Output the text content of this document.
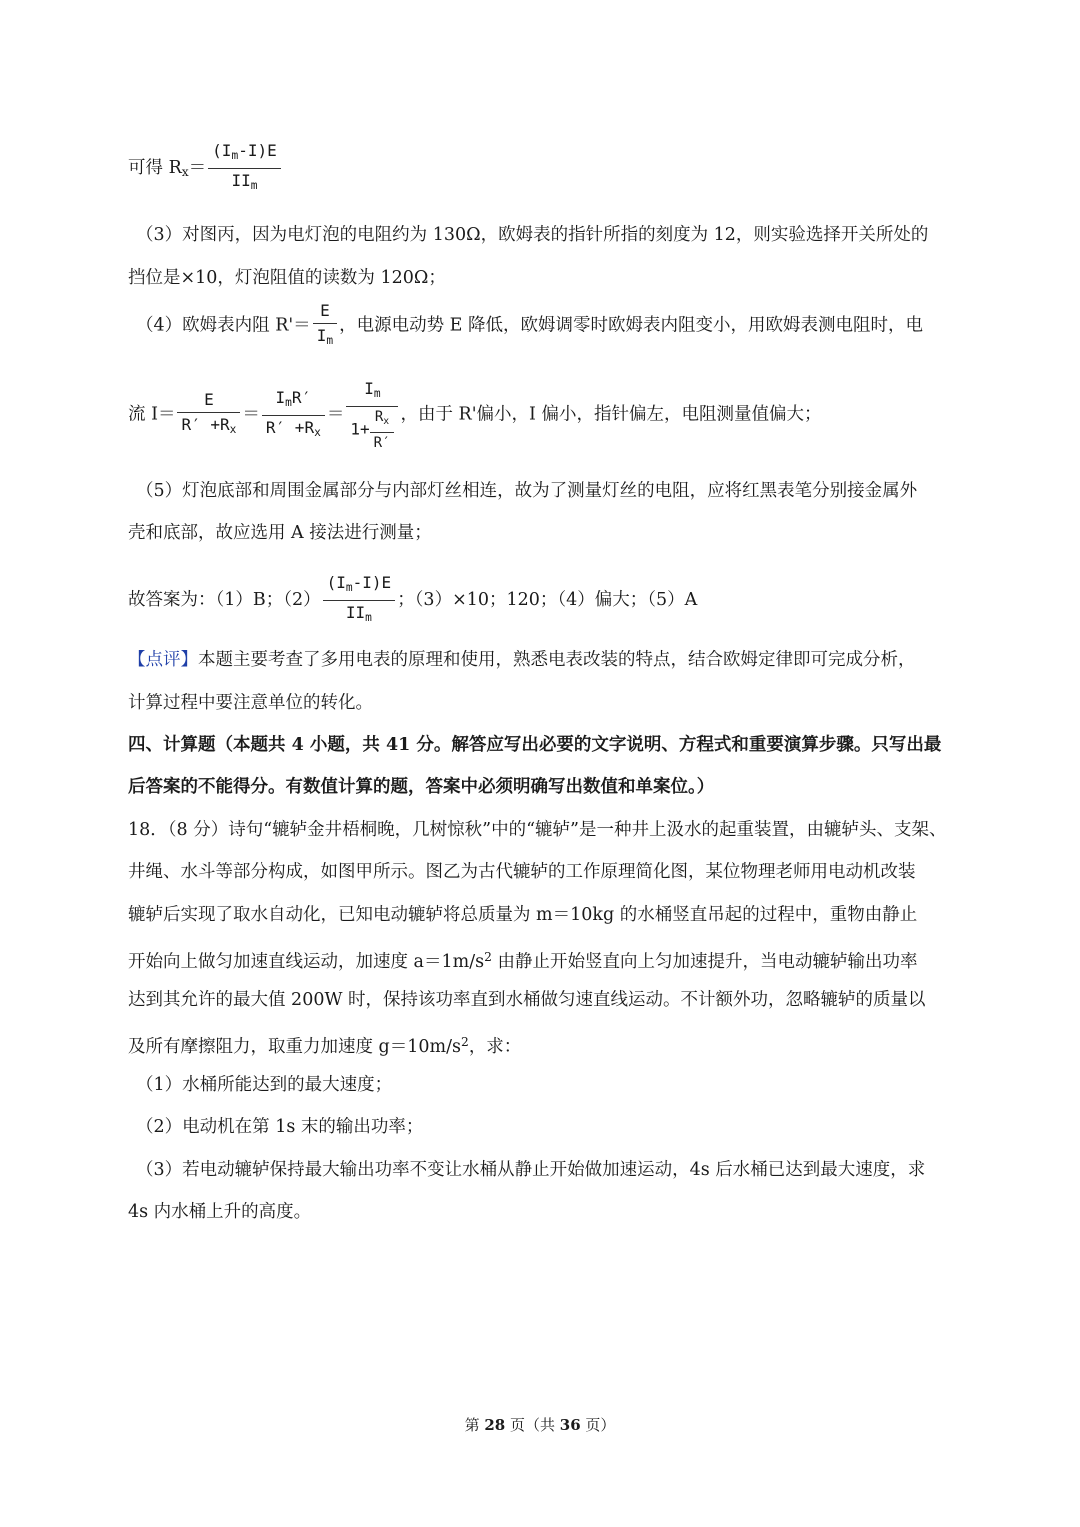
可得 $R_x= \frac{(I_m-I)E}{II_m}$
（3）对图丙，因为电灯泡的电阻约为 130Ω，欧姆表的指针所指的刻度为 12，则实验选择开关所处的
挡位是×10，灯泡阻值的读数为 120Ω；
（4）欧姆表内阻 $R'= \frac{E}{I_m}$ ，电源电动势 E 降低，欧姆调零时欧姆表内阻变小，用欧姆表测电阻时，电
流 $I= \frac{E}{R' +R_x} = \frac{I_mR'}{R' +R_x} = \frac{I_m}{1+ \frac{R_x}{R'}}$ ，由于 R'偏小，I 偏小，指针偏左，电阻测量值偏大；
（5）灯泡底部和周围金属部分与内部灯丝相连，故为了测量灯丝的电阻，应将红黑表笔分别接金属外
壳和底部，故应选用 A 接法进行测量；
故答案为：（1）B；$(2) \frac{(I_m-I)E}{II_m}$ ；（3）×10；120；（4）偏大；（5）A
【点评】本题主要考查了多用电表的原理和使用，熟悉电表改装的特点，结合欧姆定律即可完成分析，
计算过程中要注意单位的转化。
四、计算题（本题共 4 小题，共 41 分。解答应写出必要的文字说明、方程式和重要演算步骤。只写出最
后答案的不能得分。有数值计算的题，答案中必须明确写出数值和单案位。）
18．（8 分）诗句“辘轳金井梧桐晚，几树惊秋”中的“辘轳”是一种井上汲水的起重装置，由辘轳头、支架、
井绳、水斗等部分构成，如图甲所示。图乙为古代辘轳的工作原理简化图，某位物理老师用电动机改装
辘轳后实现了取水自动化，已知电动辘轳将总质量为 m＝10kg 的水桶竖直吊起的过程中，重物由静止
开始向上做匀加速直线运动，加速度 $a=1m/s^2$ 由静止开始竖直向上匀加速提升，当电动辘轳输出功率
达到其允许的最大值 200W 时，保持该功率直到水桶做匀速直线运动。不计额外功，忽略辘轳的质量以
及所有摩擦阻力，取重力加速度 $g=10m/s^2$，求：
（1）水桶所能达到的最大速度；
（2）电动机在第 1s 末的输出功率；
（3）若电动辘轳保持最大输出功率不变让水桶从静止开始做加速运动，4s 后水桶已达到最大速度，求
4s 内水桶上升的高度。
第 28 页（共 36 页）
